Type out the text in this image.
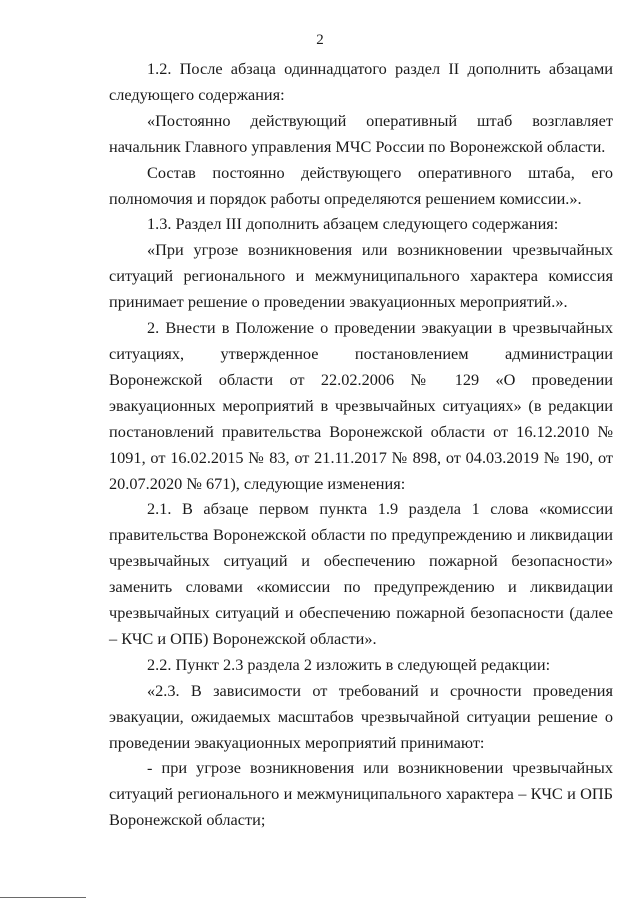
2

1.2. После абзаца одиннадцатого раздел II дополнить абзацами следующего содержания:

«Постоянно действующий оперативный штаб возглавляет начальник Главного управления МЧС России по Воронежской области.

Состав постоянно действующего оперативного штаба, его полномочия и порядок работы определяются решением комиссии.».

1.3. Раздел III дополнить абзацем следующего содержания:

«При угрозе возникновения или возникновении чрезвычайных ситуаций регионального и межмуниципального характера комиссия принимает решение о проведении эвакуационных мероприятий.».

2. Внести в Положение о проведении эвакуации в чрезвычайных ситуациях, утвержденное постановлением администрации Воронежской области от 22.02.2006 № 129 «О проведении эвакуационных мероприятий в чрезвычайных ситуациях» (в редакции постановлений правительства Воронежской области от 16.12.2010 № 1091, от 16.02.2015 № 83, от 21.11.2017 № 898, от 04.03.2019 № 190, от 20.07.2020 № 671), следующие изменения:

2.1. В абзаце первом пункта 1.9 раздела 1 слова «комиссии правительства Воронежской области по предупреждению и ликвидации чрезвычайных ситуаций и обеспечению пожарной безопасности» заменить словами «комиссии по предупреждению и ликвидации чрезвычайных ситуаций и обеспечению пожарной безопасности (далее – КЧС и ОПБ) Воронежской области».

2.2. Пункт 2.3 раздела 2 изложить в следующей редакции:

«2.3. В зависимости от требований и срочности проведения эвакуации, ожидаемых масштабов чрезвычайной ситуации решение о проведении эвакуационных мероприятий принимают:

- при угрозе возникновения или возникновении чрезвычайных ситуаций регионального и межмуниципального характера – КЧС и ОПБ Воронежской области;
